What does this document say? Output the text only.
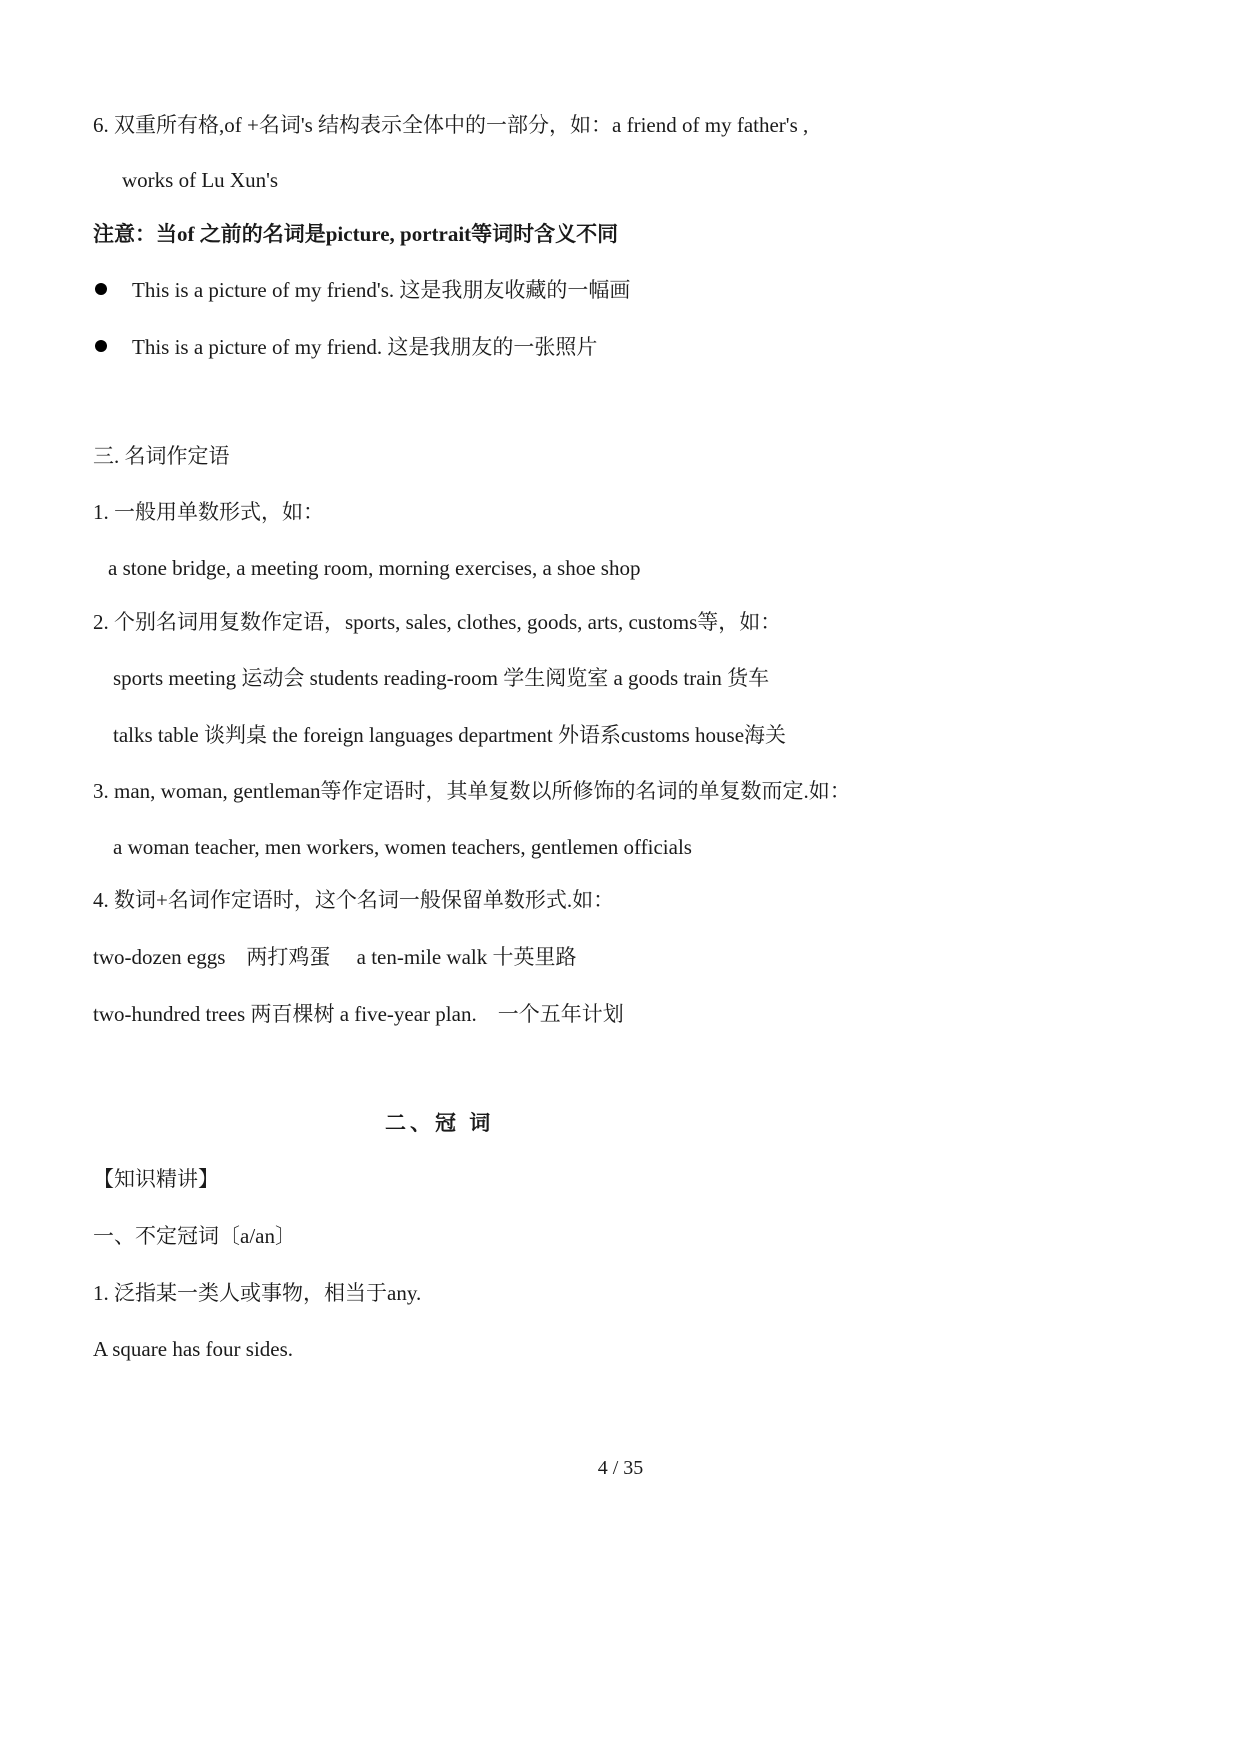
6. 双重所有格,of +名词's 结构表示全体中的一部分，如：a friend of my father's ,
works of Lu Xun's
注意：当of 之前的名词是picture, portrait等词时含义不同
This is a picture of my friend's. 这是我朋友收藏的一幅画
This is a picture of my friend. 这是我朋友的一张照片
三. 名词作定语
1. 一般用单数形式，如：
a stone bridge, a meeting room, morning exercises, a shoe shop
2. 个别名词用复数作定语，sports, sales, clothes, goods, arts, customs等，如：
sports meeting 运动会 students reading-room 学生阅览室 a goods train 货车
talks table 谈判桌 the foreign languages department 外语系customs house海关
3. man, woman, gentleman等作定语时，其单复数以所修饰的名词的单复数而定.如：
a woman teacher, men workers, women teachers, gentlemen officials
4. 数词+名词作定语时，这个名词一般保留单数形式.如：
two-dozen eggs　两打鸡蛋　 a ten-mile walk 十英里路
two-hundred trees 两百棵树 a five-year plan.　一个五年计划
二、冠 词
【知识精讲】
一、不定冠词〔a/an〕
1. 泛指某一类人或事物，相当于any.
A square has four sides.
4 / 35
